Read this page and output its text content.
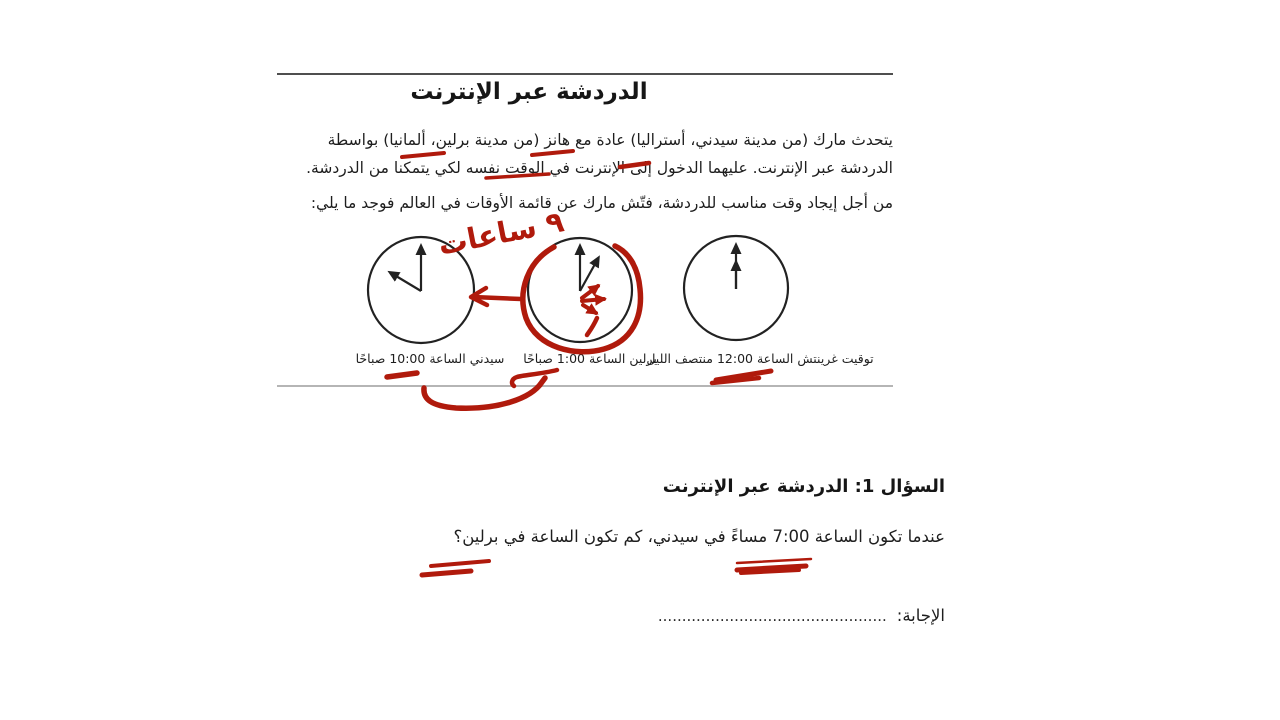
الدردشة عبر الإنترنت
يتحدث مارك (من مدينة سيدني، أستراليا) عادة مع هانز (من مدينة برلين، ألمانيا) بواسطة الدردشة عبر الإنترنت. عليهما الدخول إلى الإنترنت في الوقت نفسه لكي يتمكنا من الدردشة.
من أجل إيجاد وقت مناسب للدردشة، فتّش مارك عن قائمة الأوقات في العالم فوجد ما يلي:
سيدني الساعة 10:00 صباحًا	برلين الساعة 1:00 صباحًا
توقيت غرينتش الساعة 12:00 منتصف الليل
٩ ساعات
السؤال 1: الدردشة عبر الإنترنت
عندما تكون الساعة 7:00 مساءً في سيدني، كم تكون الساعة في برلين؟
الإجابة:................................................
